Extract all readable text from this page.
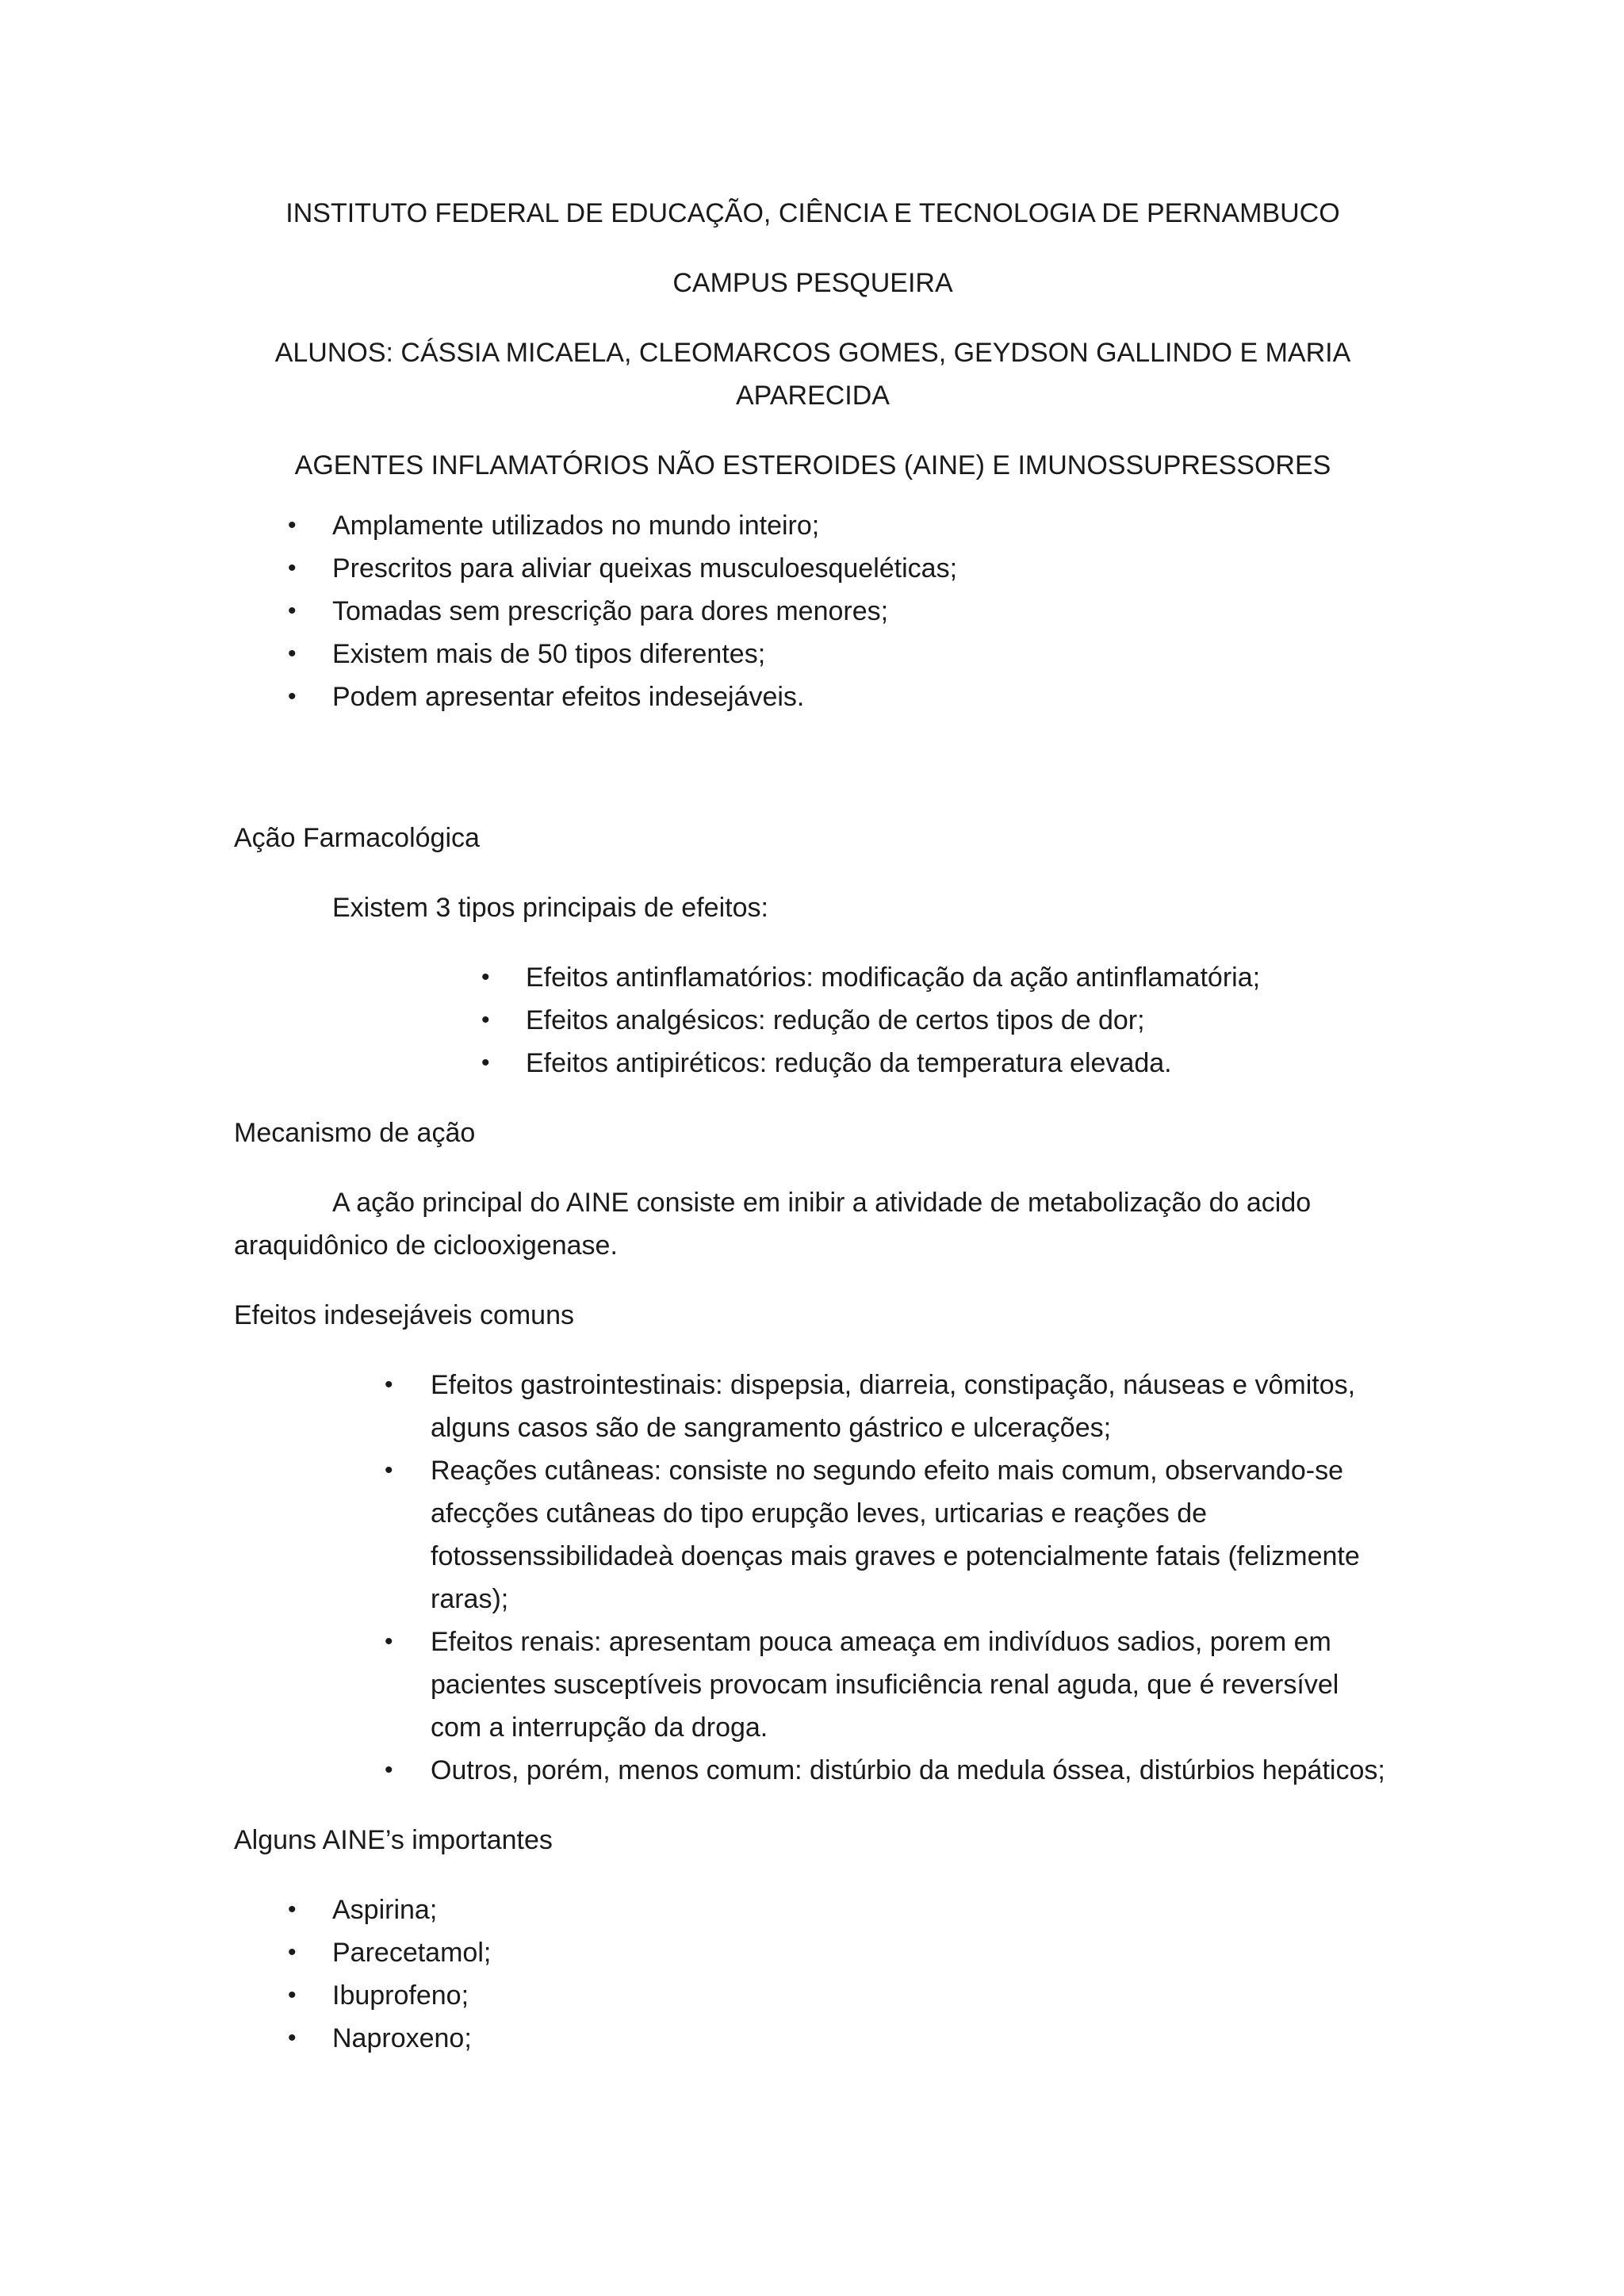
INSTITUTO FEDERAL DE EDUCAÇÃO, CIÊNCIA E TECNOLOGIA DE PERNAMBUCO

CAMPUS PESQUEIRA

ALUNOS: CÁSSIA MICAELA, CLEOMARCOS GOMES, GEYDSON GALLINDO E MARIA APARECIDA

AGENTES INFLAMATÓRIOS NÃO ESTEROIDES (AINE) E IMUNOSSUPRESSORES

• Amplamente utilizados no mundo inteiro;
• Prescritos para aliviar queixas musculoesqueléticas;
• Tomadas sem prescrição para dores menores;
• Existem mais de 50 tipos diferentes;
• Podem apresentar efeitos indesejáveis.

Ação Farmacológica

Existem 3 tipos principais de efeitos:

• Efeitos antinflamatórios: modificação da ação antinflamatória;
• Efeitos analgésicos: redução de certos tipos de dor;
• Efeitos antipiréticos: redução da temperatura elevada.

Mecanismo de ação

A ação principal do AINE consiste em inibir a atividade de metabolização do acido araquidônico de ciclooxigenase.

Efeitos indesejáveis comuns

• Efeitos gastrointestinais: dispepsia, diarreia, constipação, náuseas e vômitos, alguns casos são de sangramento gástrico e ulcerações;
• Reações cutâneas: consiste no segundo efeito mais comum, observando-se afecções cutâneas do tipo erupção leves, urticarias e reações de fotossenssibilidadeà doenças mais graves e potencialmente fatais (felizmente raras);
• Efeitos renais: apresentam pouca ameaça em indivíduos sadios, porem em pacientes susceptíveis provocam insuficiência renal aguda, que é reversível com a interrupção da droga.
• Outros, porém, menos comum: distúrbio da medula óssea, distúrbios hepáticos;

Alguns AINE’s importantes

• Aspirina;
• Parecetamol;
• Ibuprofeno;
• Naproxeno;
